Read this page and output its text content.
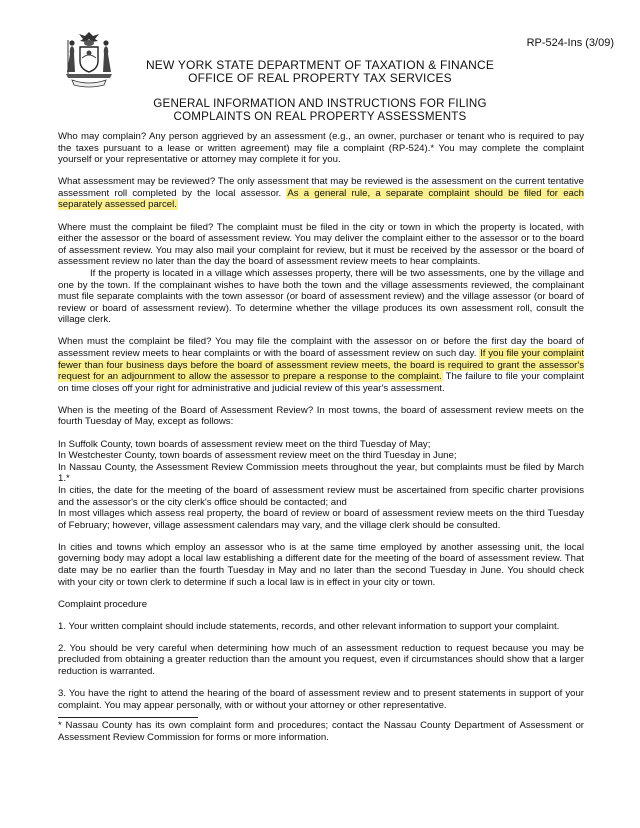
RP-524-Ins (3/09)
NEW YORK STATE DEPARTMENT OF TAXATION & FINANCE
OFFICE OF REAL PROPERTY TAX SERVICES
GENERAL INFORMATION AND INSTRUCTIONS FOR FILING
COMPLAINTS ON REAL PROPERTY ASSESSMENTS

Who may complain? Any person aggrieved by an assessment (e.g., an owner, purchaser or tenant who is required to pay the taxes pursuant to a lease or written agreement) may file a complaint (RP-524).* You may complete the complaint yourself or your representative or attorney may complete it for you.

What assessment may be reviewed? The only assessment that may be reviewed is the assessment on the current tentative assessment roll completed by the local assessor. As a general rule, a separate complaint should be filed for each separately assessed parcel.

Where must the complaint be filed? The complaint must be filed in the city or town in which the property is located, with either the assessor or the board of assessment review. You may deliver the complaint either to the assessor or to the board of assessment review. You may also mail your complaint for review, but it must be received by the assessor or the board of assessment review no later than the day the board of assessment review meets to hear complaints.

If the property is located in a village which assesses property, there will be two assessments, one by the village and one by the town. If the complainant wishes to have both the town and the village assessments reviewed, the complainant must file separate complaints with the town assessor (or board of assessment review) and the village assessor (or board of review or board of assessment review). To determine whether the village produces its own assessment roll, consult the village clerk.

When must the complaint be filed? You may file the complaint with the assessor on or before the first day the board of assessment review meets to hear complaints or with the board of assessment review on such day. If you file your complaint fewer than four business days before the board of assessment review meets, the board is required to grant the assessor's request for an adjournment to allow the assessor to prepare a response to the complaint. The failure to file your complaint on time closes off your right for administrative and judicial review of this year's assessment.

When is the meeting of the Board of Assessment Review? In most towns, the board of assessment review meets on the fourth Tuesday of May, except as follows:

In Suffolk County, town boards of assessment review meet on the third Tuesday of May;
In Westchester County, town boards of assessment review meet on the third Tuesday in June;
In Nassau County, the Assessment Review Commission meets throughout the year, but complaints must be filed by March 1.*
In cities, the date for the meeting of the board of assessment review must be ascertained from specific charter provisions and the assessor's or the city clerk's office should be contacted; and
In most villages which assess real property, the board of review or board of assessment review meets on the third Tuesday of February; however, village assessment calendars may vary, and the village clerk should be consulted.

In cities and towns which employ an assessor who is at the same time employed by another assessing unit, the local governing body may adopt a local law establishing a different date for the meeting of the board of assessment review. That date may be no earlier than the fourth Tuesday in May and no later than the second Tuesday in June. You should check with your city or town clerk to determine if such a local law is in effect in your city or town.

Complaint procedure

1. Your written complaint should include statements, records, and other relevant information to support your complaint.

2. You should be very careful when determining how much of an assessment reduction to request because you may be precluded from obtaining a greater reduction than the amount you request, even if circumstances should show that a larger reduction is warranted.

3. You have the right to attend the hearing of the board of assessment review and to present statements in support of your complaint. You may appear personally, with or without your attorney or other representative.

* Nassau County has its own complaint form and procedures; contact the Nassau County Department of Assessment or Assessment Review Commission for forms or more information.
